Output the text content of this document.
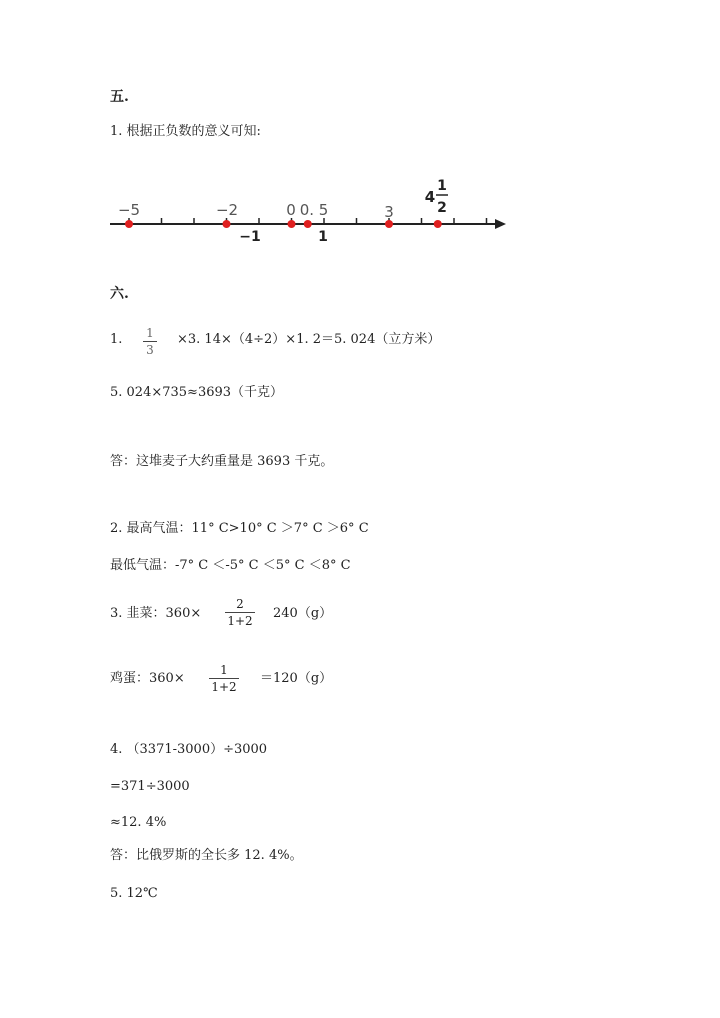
五.
1. 根据正负数的意义可知:
−5	−2	0 0. 5	3
4
1
2
−1	1
六.
1. 1
3
×3. 14×（4÷2）×1. 2＝5. 024（立方米）
5. 024×735≈3693（千克）
答：这堆麦子大约重量是 3693 千克。
2. 最高气温：11° C>10° C ＞7° C ＞6° C
最低气温：-7° C ＜-5° C ＜5° C ＜8° C
3. 韭菜：360×
2
1+2 240（g）
鸡蛋：360×
1
1+2
＝120（g）
4. （3371-3000）÷3000
=371÷3000
≈12. 4%
答：比俄罗斯的全长多 12. 4%。
5. 12℃
